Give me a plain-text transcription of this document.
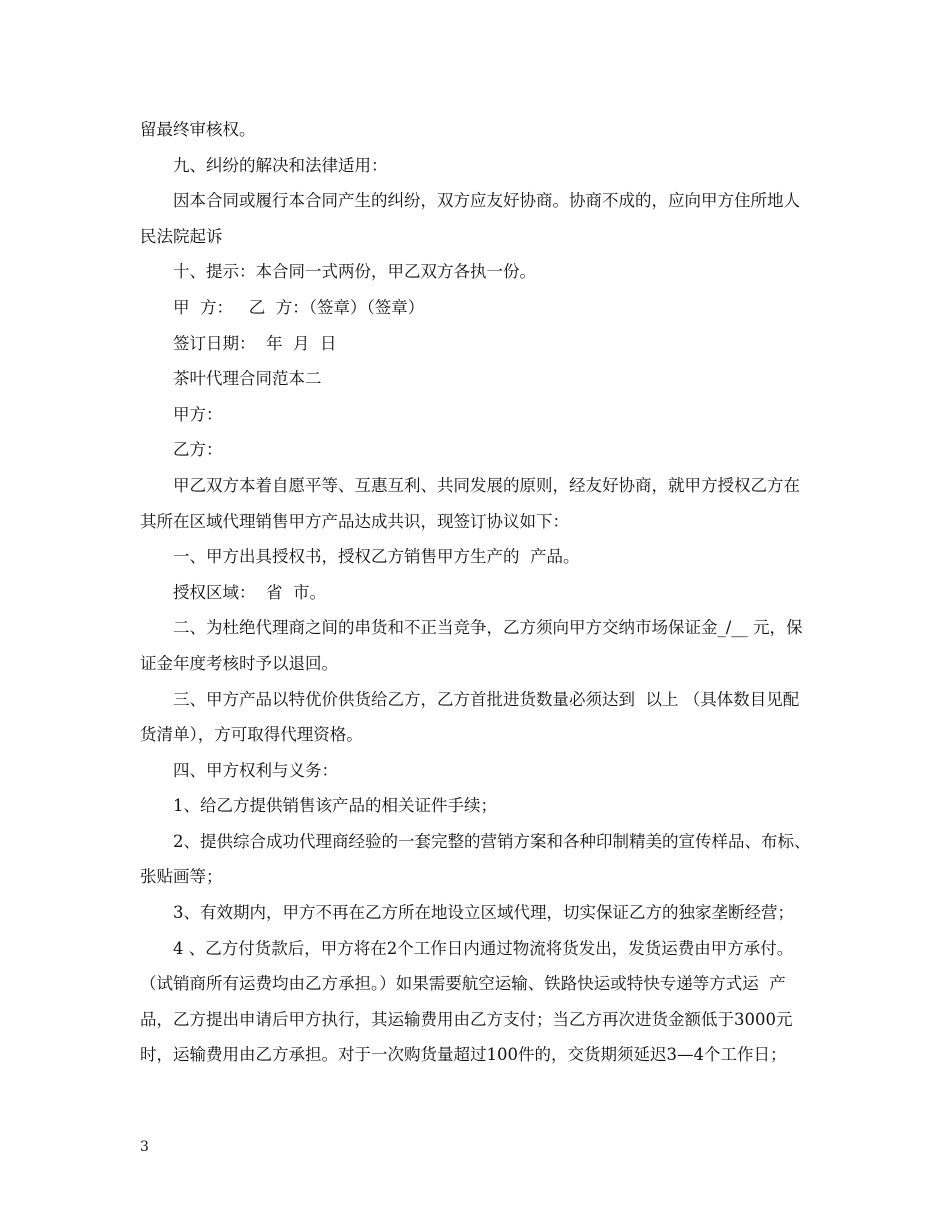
留最终审核权。

九、纠纷的解决和法律适用：

因本合同或履行本合同产生的纠纷，双方应友好协商。协商不成的，应向甲方住所地人民法院起诉

十、提示：本合同一式两份，甲乙双方各执一份。

甲  方：   乙  方：（签章）（签章）

签订日期：  年  月  日

茶叶代理合同范本二

甲方：

乙方：

甲乙双方本着自愿平等、互惠互利、共同发展的原则，经友好协商，就甲方授权乙方在其所在区域代理销售甲方产品达成共识，现签订协议如下：

一、甲方出具授权书，授权乙方销售甲方生产的  产品。

授权区域：  省  市。

二、为杜绝代理商之间的串货和不正当竞争，乙方须向甲方交纳市场保证金_/__ 元，保证金年度考核时予以退回。

三、甲方产品以特优价供货给乙方，乙方首批进货数量必须达到  以上 （具体数目见配货清单），方可取得代理资格。

四、甲方权利与义务：

1、给乙方提供销售该产品的相关证件手续；

2、提供综合成功代理商经验的一套完整的营销方案和各种印制精美的宣传样品、布标、张贴画等；

3、有效期内，甲方不再在乙方所在地设立区域代理，切实保证乙方的独家垄断经营；

4 、乙方付货款后，甲方将在2个工作日内通过物流将货发出，发货运费由甲方承付。（试销商所有运费均由乙方承担。）如果需要航空运输、铁路快运或特快专递等方式运  产品，乙方提出申请后甲方执行，其运输费用由乙方支付；当乙方再次进货金额低于3000元时，运输费用由乙方承担。对于一次购货量超过100件的，交货期须延迟3—4个工作日；

3
